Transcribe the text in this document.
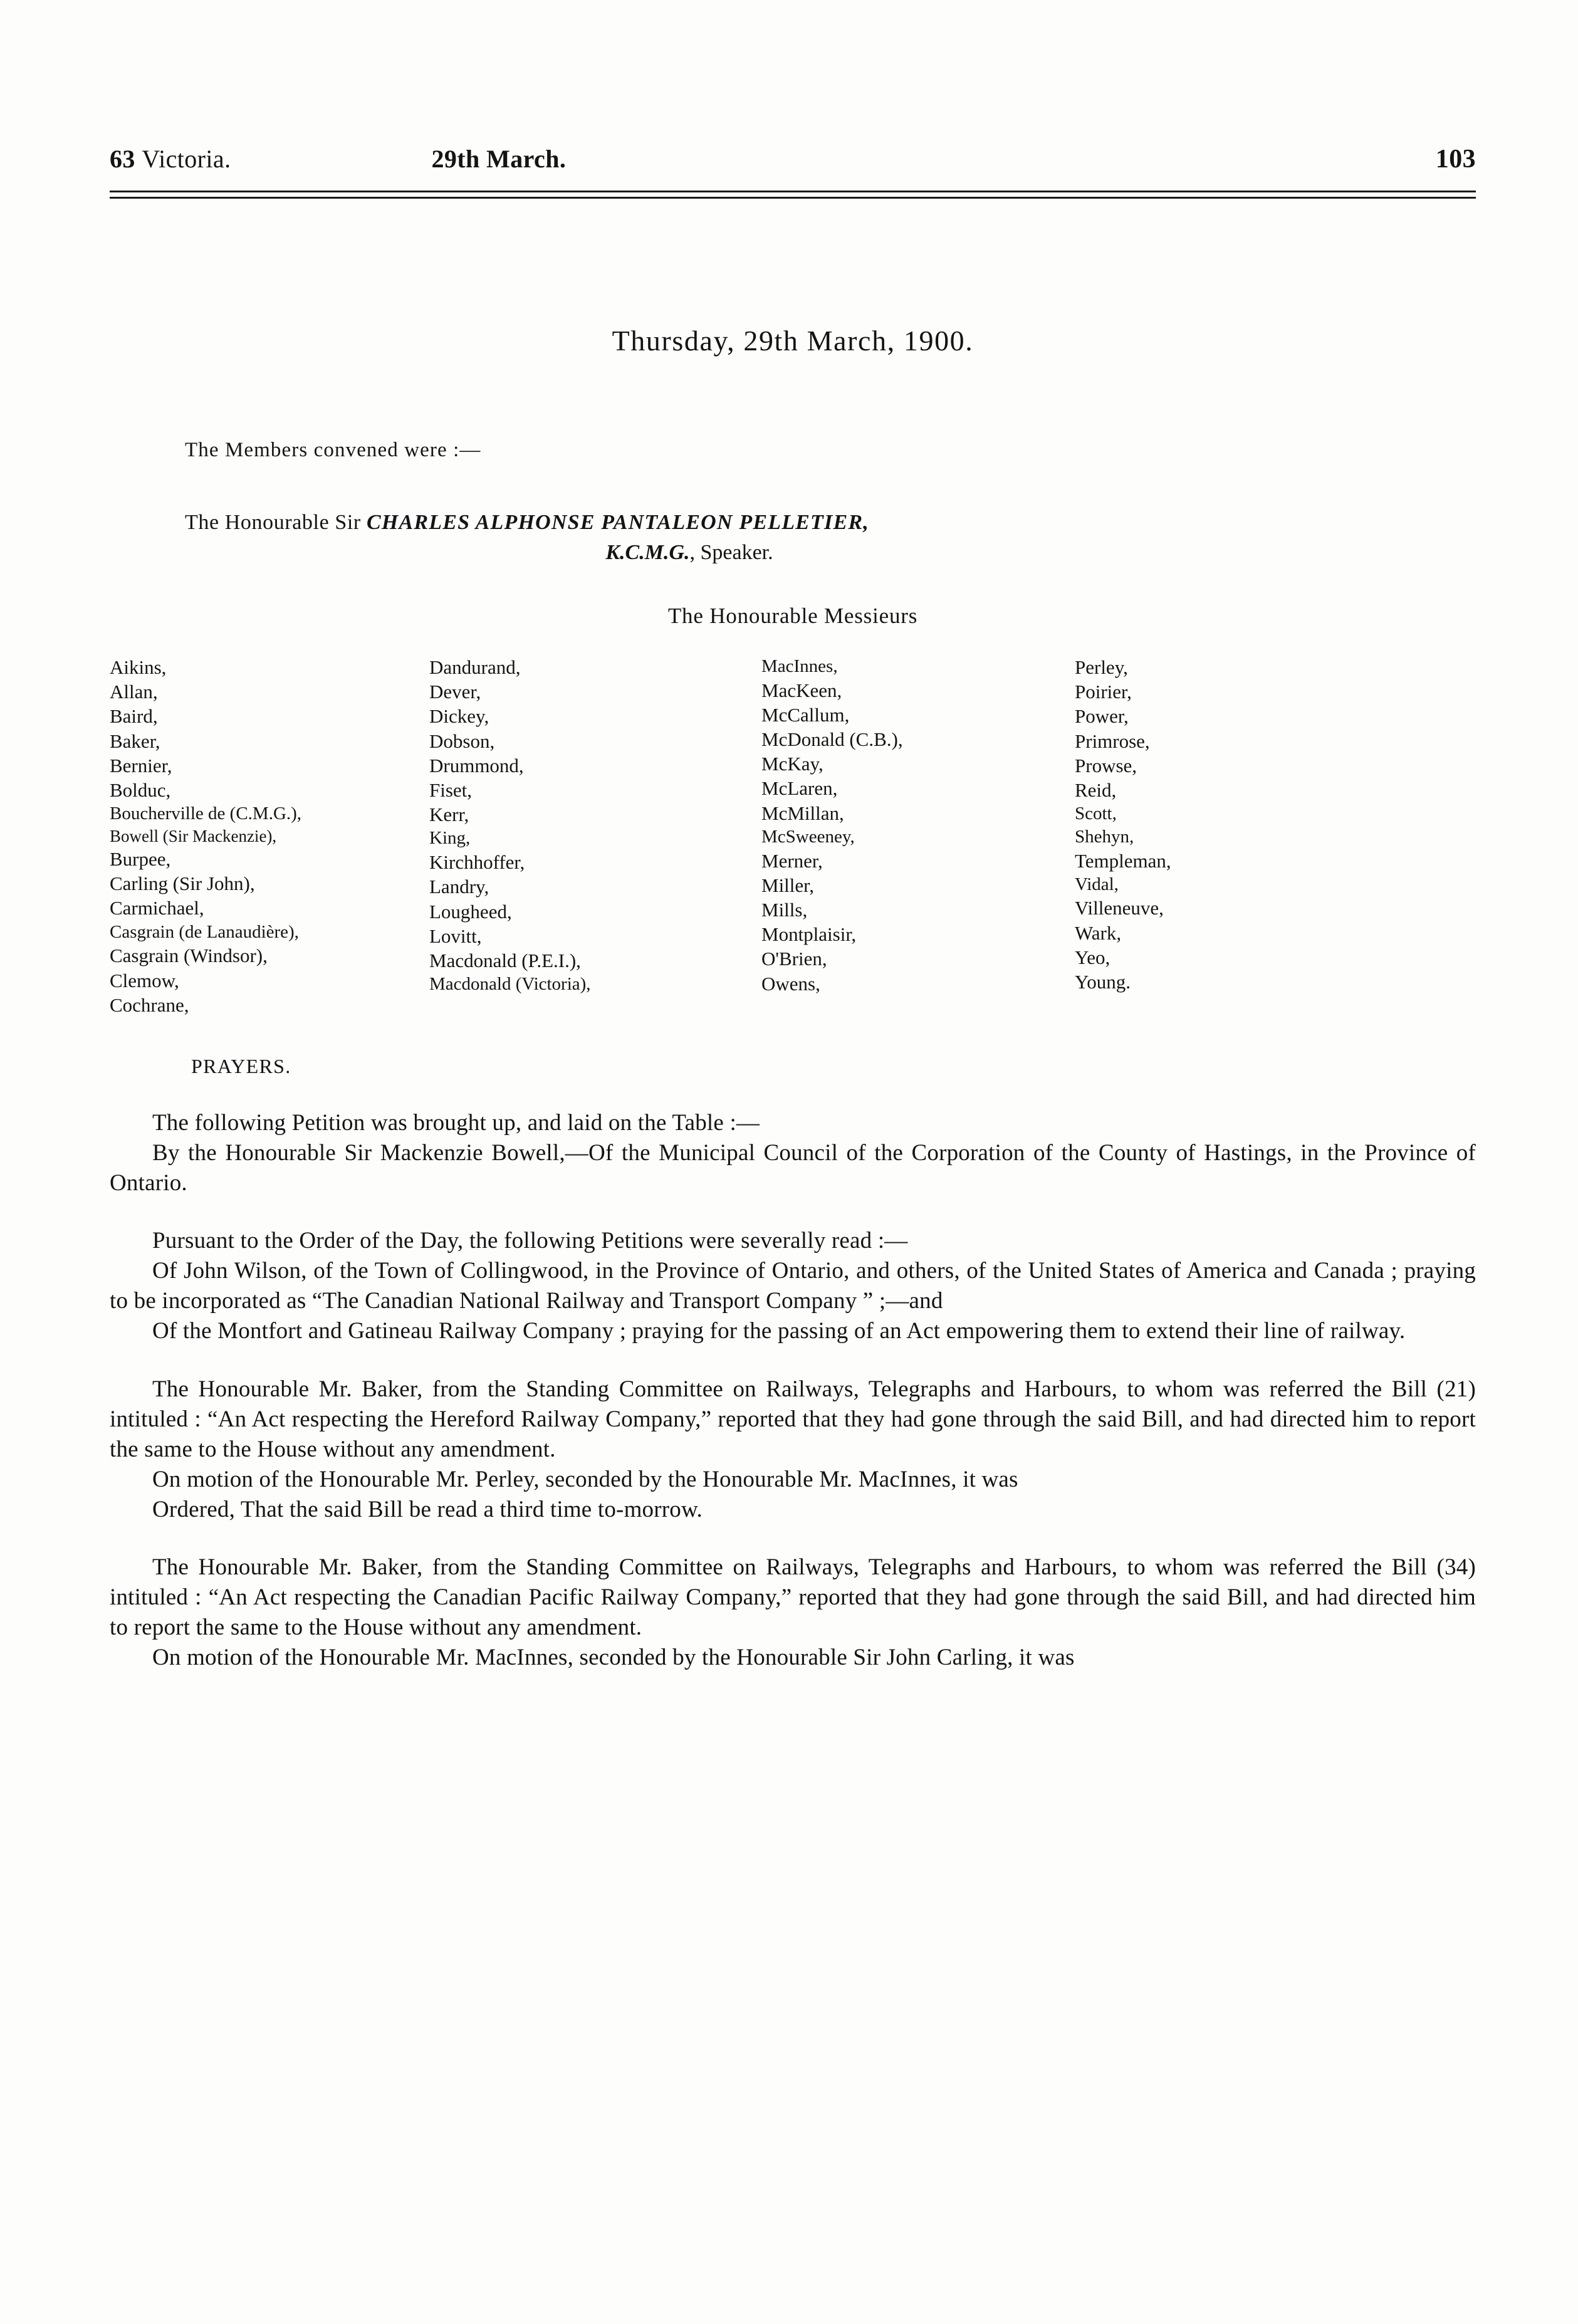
63 Victoria.	29th March.	103
Thursday, 29th March, 1900.
The Members convened were :—
The Honourable Sir CHARLES ALPHONSE PANTALEON PELLETIER,
K.C.M.G., Speaker.
The Honourable Messieurs
Aikins,
Allan,
Baird,
Baker,
Bernier,
Bolduc,
Boucherville de (C.M.G.),
Bowell (Sir Mackenzie),
Burpee,
Carling (Sir John),
Carmichael,
Casgrain (de Lanaudière),
Casgrain (Windsor),
Clemow,
Cochrane,
Dandurand,
Dever,
Dickey,
Dobson,
Drummond,
Fiset,
Kerr,
King,
Kirchhoffer,
Landry,
Lougheed,
Lovitt,
Macdonald (P.E.I.),
Macdonald (Victoria),
MacInnes,
MacKeen,
McCallum,
McDonald (C.B.),
McKay,
McLaren,
McMillan,
McSweeney,
Merner,
Miller,
Mills,
Montplaisir,
O'Brien,
Owens,
Perley,
Poirier,
Power,
Primrose,
Prowse,
Reid,
Scott,
Shehyn,
Templeman,
Vidal,
Villeneuve,
Wark,
Yeo,
Young.
PRAYERS.

The following Petition was brought up, and laid on the Table :—

By the Honourable Sir Mackenzie Bowell,—Of the Municipal Council of the Corporation of the County of Hastings, in the Province of Ontario.

Pursuant to the Order of the Day, the following Petitions were severally read :—

Of John Wilson, of the Town of Collingwood, in the Province of Ontario, and others, of the United States of America and Canada ; praying to be incorporated as “The Canadian National Railway and Transport Company ” ;—and

Of the Montfort and Gatineau Railway Company ; praying for the passing of an Act empowering them to extend their line of railway.

The Honourable Mr. Baker, from the Standing Committee on Railways, Telegraphs and Harbours, to whom was referred the Bill (21) intituled : “An Act respecting the Hereford Railway Company,” reported that they had gone through the said Bill, and had directed him to report the same to the House without any amendment.

On motion of the Honourable Mr. Perley, seconded by the Honourable Mr. MacInnes, it was

Ordered, That the said Bill be read a third time to-morrow.

The Honourable Mr. Baker, from the Standing Committee on Railways, Telegraphs and Harbours, to whom was referred the Bill (34) intituled : “An Act respecting the Canadian Pacific Railway Company,” reported that they had gone through the said Bill, and had directed him to report the same to the House without any amendment.

On motion of the Honourable Mr. MacInnes, seconded by the Honourable Sir John Carling, it was
